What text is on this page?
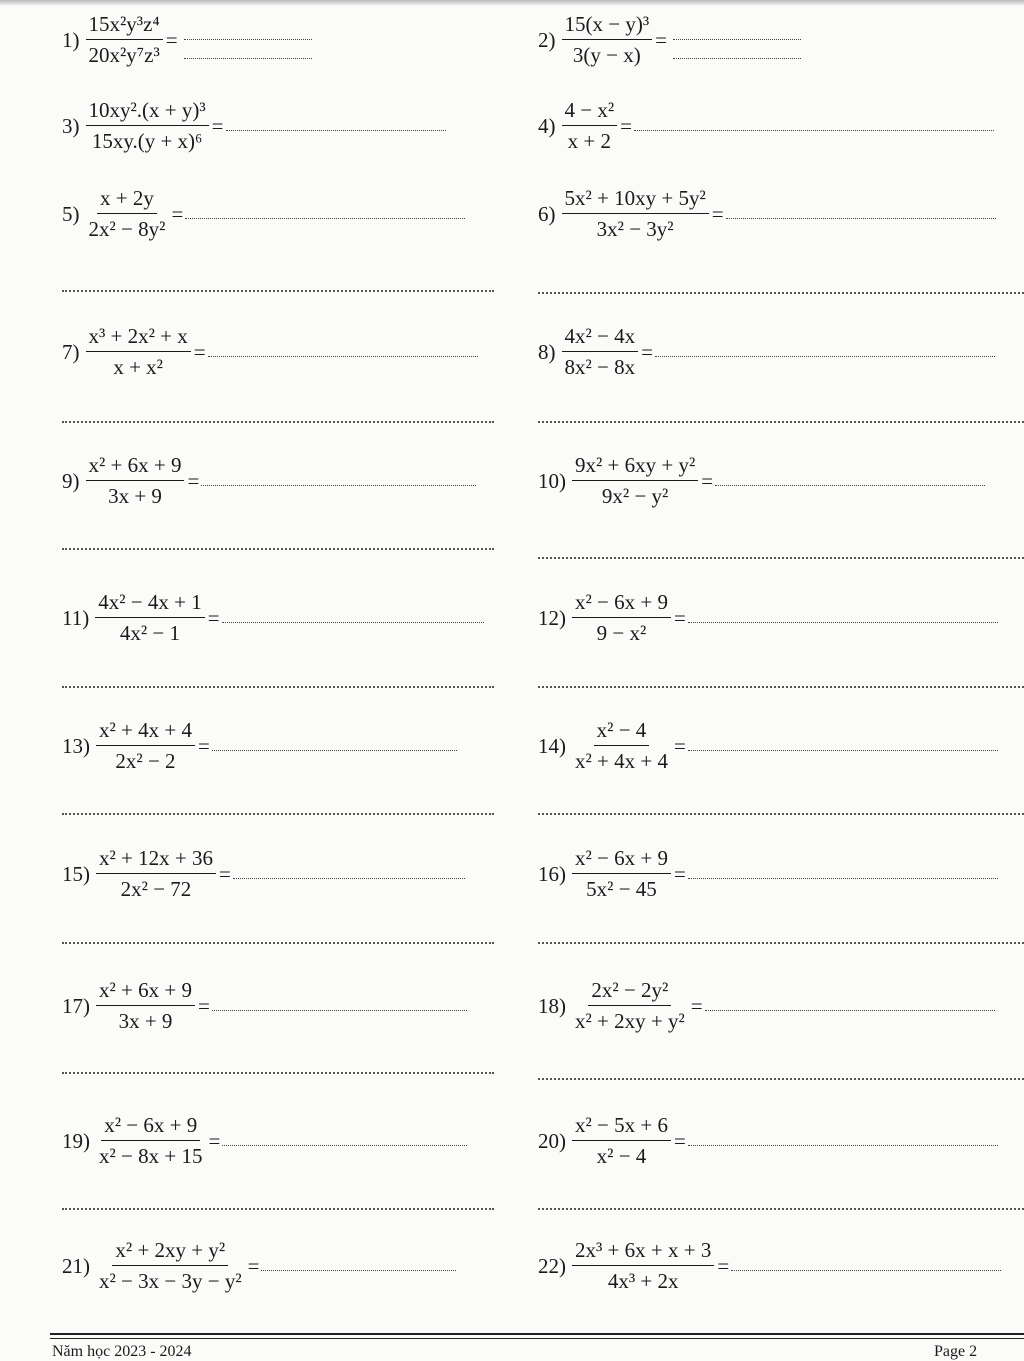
$1) \frac{\text{15x²y³z⁴}}{\text{20x²y⁷z³}}$ =	$2) \frac{\text{15(x − y)³}}{3(y - x)}$ =
$3) \frac{\text{10xy².(x + y)³}}{\text{15xy.(y + x)⁶}}$ =	$4) \frac{\text{4 − x²}}{x + 2}$ =
$5) \frac{x + 2y}{\text{2x² − 8y²}}$ =	$6) \frac{\text{5x² + 10xy + 5y²}}{\text{3x² − 3y²}}$ =
$7) \frac{\text{x³ + 2x² + x}}{\text{x + x²}}$ =	$8) \frac{\text{4x² − 4x}}{\text{8x² − 8x}}$ =
$9) \frac{\text{x² + 6x + 9}}{3x + 9}$ =	$10) \frac{\text{9x² + 6xy + y²}}{\text{9x² − y²}}$ =
$11) \frac{\text{4x² − 4x + 1}}{\text{4x² − 1}}$ =	$12) \frac{\text{x² − 6x + 9}}{\text{9 − x²}}$ =
$13) \frac{\text{x² + 4x + 4}}{\text{2x² − 2}}$ =	$14) \frac{\text{x² − 4}}{\text{x² + 4x + 4}}$ =
$15) \frac{\text{x² + 12x + 36}}{\text{2x² − 72}}$ =	$16) \frac{\text{x² − 6x + 9}}{\text{5x² − 45}}$ =
$17) \frac{\text{x² + 6x + 9}}{3x + 9}$ =	$18) \frac{\text{2x² − 2y²}}{\text{x² + 2xy + y²}}$ =
$19) \frac{\text{x² − 6x + 9}}{\text{x² − 8x + 15}}$ =	$20) \frac{\text{x² − 5x + 6}}{\text{x² − 4}}$ =
$21) \frac{\text{x² + 2xy + y²}}{\text{x² − 3x − 3y − y²}}$ =	$22) \frac{\text{2x³ + 6x + x + 3}}{\text{4x³ + 2x}}$ =
Năm học 2023 - 2024	Page 2
